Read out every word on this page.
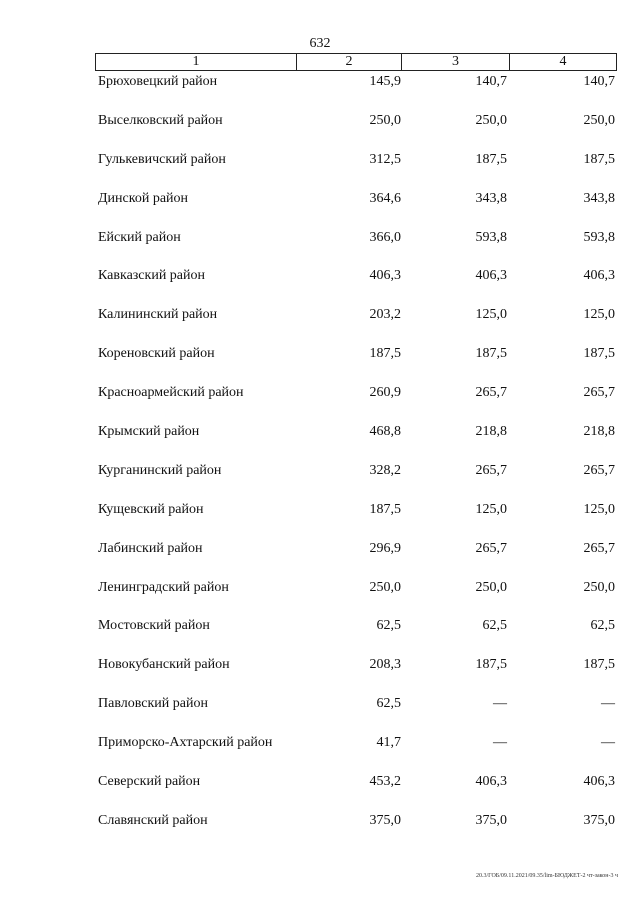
632
1	2	3	4
Брюховецкий район	145,9	140,7	140,7
Выселковский район	250,0	250,0	250,0
Гулькевичский район	312,5	187,5	187,5
Динской район	364,6	343,8	343,8
Ейский район	366,0	593,8	593,8
Кавказский район	406,3	406,3	406,3
Калининский район	203,2	125,0	125,0
Кореновский район	187,5	187,5	187,5
Красноармейский район	260,9	265,7	265,7
Крымский район	468,8	218,8	218,8
Курганинский район	328,2	265,7	265,7
Кущевский район	187,5	125,0	125,0
Лабинский район	296,9	265,7	265,7
Ленинградский район	250,0	250,0	250,0
Мостовский район	62,5	62,5	62,5
Новокубанский район	208,3	187,5	187,5
Павловский район	62,5	—	—
Приморско-Ахтарский район	41,7	—	—
Северский район	453,2	406,3	406,3
Славянский район	375,0	375,0	375,0
20.3/ГОБ/09.11.2021/09.35/lim-БЮДЖЕТ-2 чт-закон-3 ч
